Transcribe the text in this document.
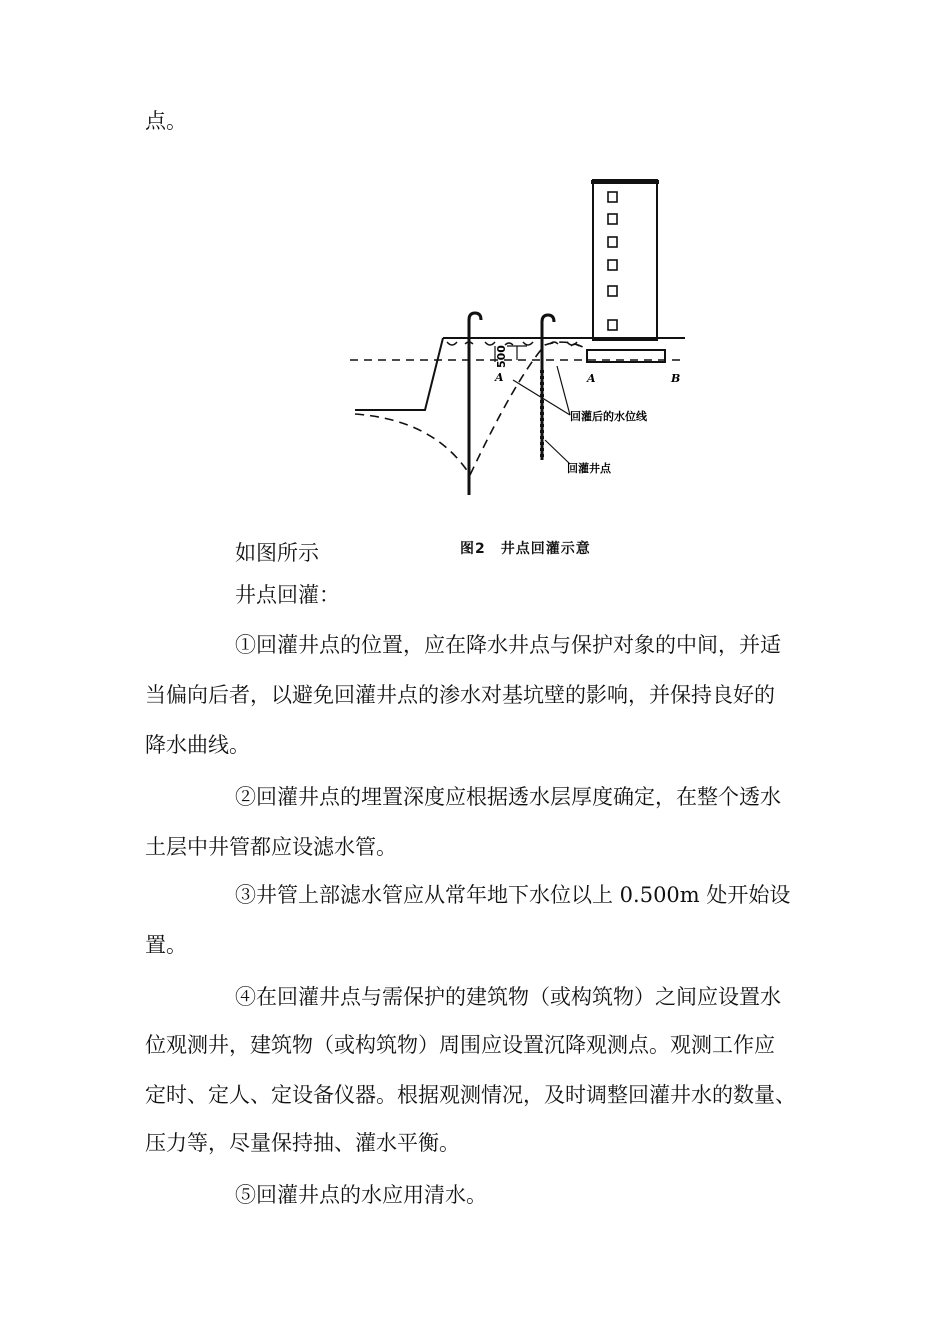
点。

500
A	A	B
回灌后的水位线
回灌井点
图2　井点回灌示意

如图所示

井点回灌：

①回灌井点的位置，应在降水井点与保护对象的中间，并适

当偏向后者，以避免回灌井点的渗水对基坑壁的影响，并保持良好的

降水曲线。

②回灌井点的埋置深度应根据透水层厚度确定，在整个透水

土层中井管都应设滤水管。

③井管上部滤水管应从常年地下水位以上 0.500m 处开始设

置。

④在回灌井点与需保护的建筑物（或构筑物）之间应设置水

位观测井，建筑物（或构筑物）周围应设置沉降观测点。观测工作应

定时、定人、定设备仪器。根据观测情况，及时调整回灌井水的数量、

压力等，尽量保持抽、灌水平衡。

⑤回灌井点的水应用清水。
